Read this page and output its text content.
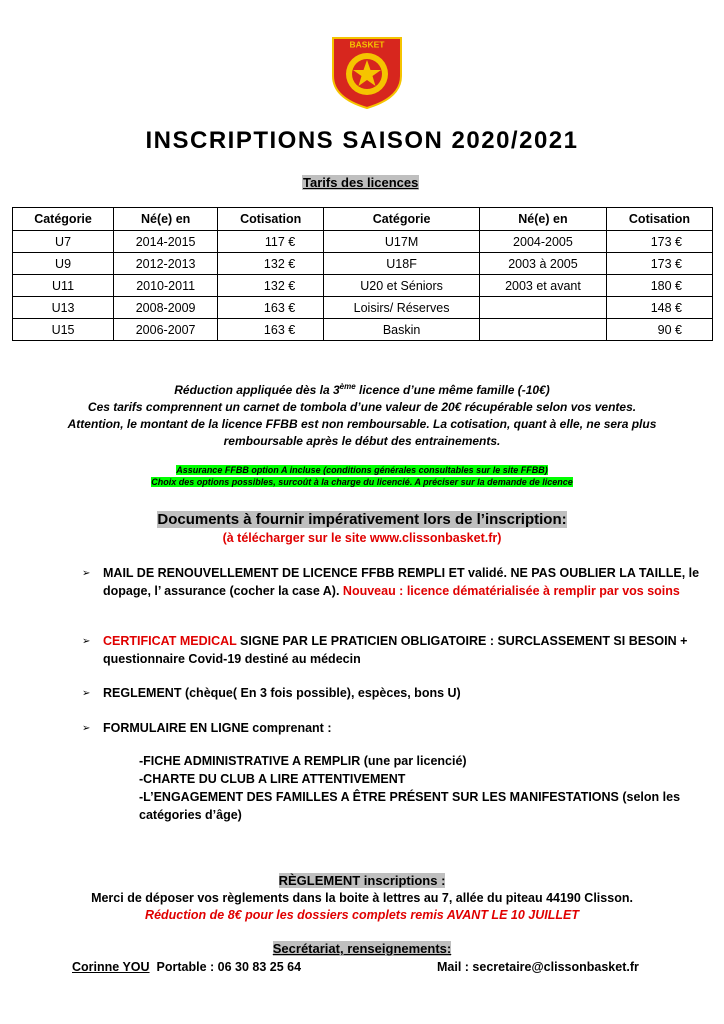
BASKET
INSCRIPTIONS SAISON 2020/2021
Tarifs des licences
Catégorie	Né(e) en	Cotisation	Catégorie	Né(e) en	Cotisation
U7	2014-2015	117 €	U17M	2004-2005	173 €
U9	2012-2013	132 €	U18F	2003 à 2005	173 €
U11	2010-2011	132 €	U20 et Séniors	2003 et avant	180 €
U13	2008-2009	163 €	Loisirs/ Réserves		148 €
U15	2006-2007	163 €	Baskin		90 €
Réduction appliquée dès la 3ème licence d’une même famille (-10€)
Ces tarifs comprennent un carnet de tombola d’une valeur de 20€ récupérable selon vos ventes.
Attention, le montant de la licence FFBB est non remboursable. La cotisation, quant à elle, ne sera plus
remboursable après le début des entrainements.
Assurance FFBB option A incluse (conditions générales consultables sur le site FFBB)
Choix des options possibles, surcoût à la charge du licencié. A préciser sur la demande de licence
Documents à fournir impérativement lors de l’inscription:
(à télécharger sur le site www.clissonbasket.fr)
➢ MAIL DE RENOUVELLEMENT DE LICENCE FFBB REMPLI ET validé. NE PAS OUBLIER LA TAILLE, le dopage, l’ assurance (cocher la case A). Nouveau : licence dématérialisée à remplir par vos soins
➢ CERTIFICAT MEDICAL SIGNE PAR LE PRATICIEN OBLIGATOIRE : SURCLASSEMENT SI BESOIN + questionnaire Covid-19 destiné au médecin
➢ REGLEMENT (chèque( En 3 fois possible), espèces, bons U)
➢ FORMULAIRE EN LIGNE comprenant :
-FICHE ADMINISTRATIVE A REMPLIR (une par licencié)
-CHARTE DU CLUB A LIRE ATTENTIVEMENT
-L’ENGAGEMENT DES FAMILLES A ÊTRE PRÉSENT SUR LES MANIFESTATIONS (selon les catégories d’âge)
RÈGLEMENT inscriptions :
Merci de déposer vos règlements dans la boite à lettres au 7, allée du piteau 44190 Clisson.
Réduction de 8€ pour les dossiers complets remis AVANT LE 10 JUILLET
Secrétariat, renseignements:
Corinne YOU  Portable : 06 30 83 25 64	Mail : secretaire@clissonbasket.fr
